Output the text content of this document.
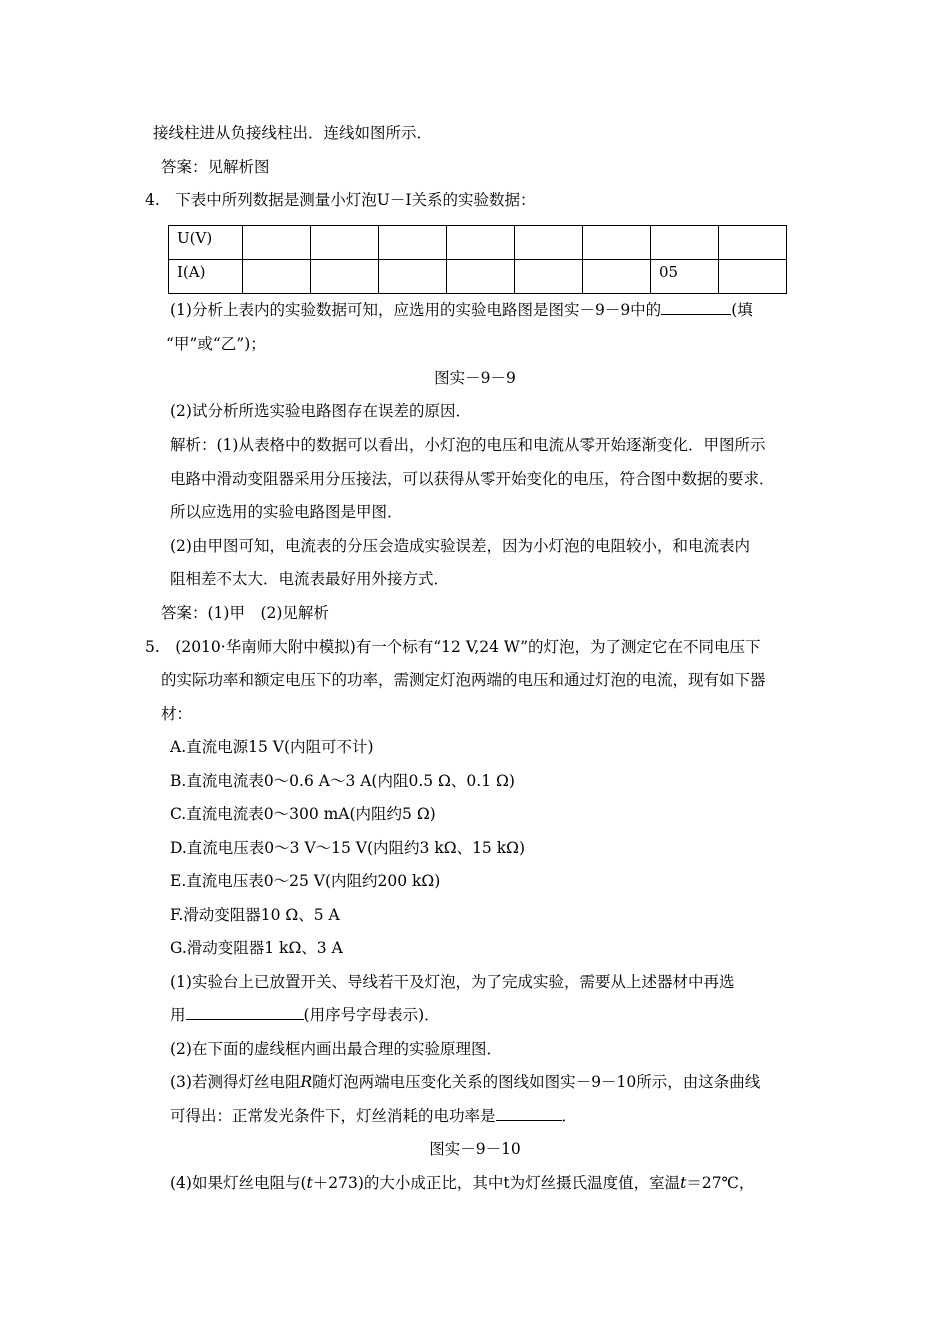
接线柱进从负接线柱出．连线如图所示．
答案：见解析图
4.　下表中所列数据是测量小灯泡U－I关系的实验数据：
U(V)								
I(A)							05	
(1)分析上表内的实验数据可知，应选用的实验电路图是图实－9－9中的	(填
“甲”或“乙”)；
图实－9－9
(2)试分析所选实验电路图存在误差的原因．
解析：(1)从表格中的数据可以看出，小灯泡的电压和电流从零开始逐渐变化．甲图所示
电路中滑动变阻器采用分压接法，可以获得从零开始变化的电压，符合图中数据的要求．
所以应选用的实验电路图是甲图．
(2)由甲图可知，电流表的分压会造成实验误差，因为小灯泡的电阻较小，和电流表内
阻相差不太大．电流表最好用外接方式．
答案：(1)甲　(2)见解析
5.　(2010·华南师大附中模拟)有一个标有“12 V,24 W”的灯泡，为了测定它在不同电压下
的实际功率和额定电压下的功率，需测定灯泡两端的电压和通过灯泡的电流，现有如下器
材：
A.直流电源15 V(内阻可不计)
B.直流电流表0～0.6 A～3 A(内阻0.5 Ω、0.1 Ω)
C.直流电流表0～300 mA(内阻约5 Ω)
D.直流电压表0～3 V～15 V(内阻约3 kΩ、15 kΩ)
E.直流电压表0～25 V(内阻约200 kΩ)
F.滑动变阻器10 Ω、5 A
G.滑动变阻器1 kΩ、3 A
(1)实验台上已放置开关、导线若干及灯泡，为了完成实验，需要从上述器材中再选
用	(用序号字母表示)．
(2)在下面的虚线框内画出最合理的实验原理图．
(3)若测得灯丝电阻R随灯泡两端电压变化关系的图线如图实－9－10所示，由这条曲线
可得出：正常发光条件下，灯丝消耗的电功率是	．
图实－9－10
(4)如果灯丝电阻与(t＋273)的大小成正比，其中t为灯丝摄氏温度值，室温t＝27℃，
